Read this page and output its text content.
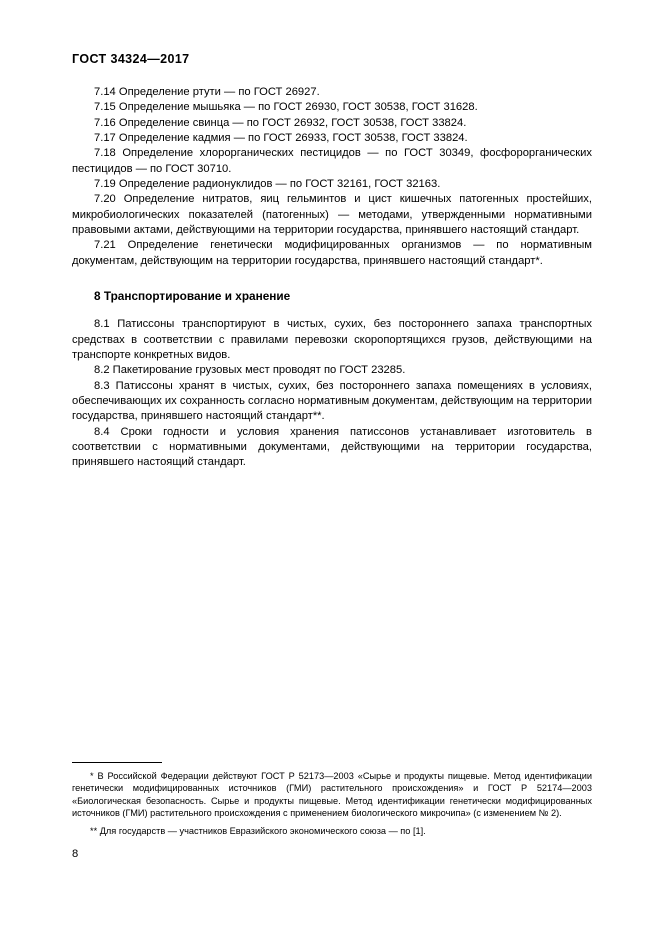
ГОСТ 34324—2017

7.14 Определение ртути — по ГОСТ 26927.

7.15 Определение мышьяка — по ГОСТ 26930, ГОСТ 30538, ГОСТ 31628.

7.16 Определение свинца — по ГОСТ 26932, ГОСТ 30538, ГОСТ 33824.

7.17 Определение кадмия — по ГОСТ 26933, ГОСТ 30538, ГОСТ 33824.

7.18 Определение хлорорганических пестицидов — по ГОСТ 30349, фосфорорганических пестицидов — по ГОСТ 30710.

7.19 Определение радионуклидов — по ГОСТ 32161, ГОСТ 32163.

7.20 Определение нитратов, яиц гельминтов и цист кишечных патогенных простейших, микробиологических показателей (патогенных) — методами, утвержденными нормативными правовыми актами, действующими на территории государства, принявшего настоящий стандарт.

7.21 Определение генетически модифицированных организмов — по нормативным документам, действующим на территории государства, принявшего настоящий стандарт*.

8 Транспортирование и хранение

8.1 Патиссоны транспортируют в чистых, сухих, без постороннего запаха транспортных средствах в соответствии с правилами перевозки скоропортящихся грузов, действующими на транспорте конкретных видов.

8.2 Пакетирование грузовых мест проводят по ГОСТ 23285.

8.3 Патиссоны хранят в чистых, сухих, без постороннего запаха помещениях в условиях, обеспечивающих их сохранность согласно нормативным документам, действующим на территории государства, принявшего настоящий стандарт**.

8.4 Сроки годности и условия хранения патиссонов устанавливает изготовитель в соответствии с нормативными документами, действующими на территории государства, принявшего настоящий стандарт.

* В Российской Федерации действуют ГОСТ Р 52173—2003 «Сырье и продукты пищевые. Метод идентификации генетически модифицированных источников (ГМИ) растительного происхождения» и ГОСТ Р 52174—2003 «Биологическая безопасность. Сырье и продукты пищевые. Метод идентификации генетически модифицированных источников (ГМИ) растительного происхождения с применением биологического микрочипа» (с изменением № 2).

** Для государств — участников Евразийского экономического союза — по [1].

8
